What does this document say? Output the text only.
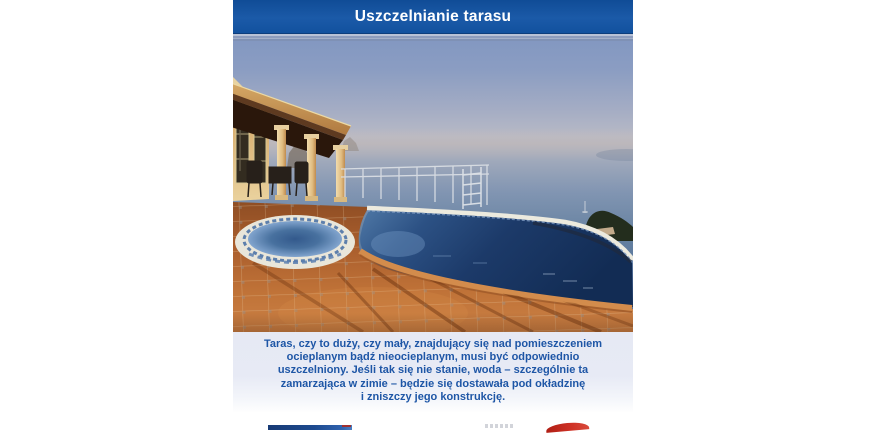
Uszczelnianie tarasu
Taras, czy to duży, czy mały, znajdujący się nad pomieszczeniem
ocieplanym bądź nieocieplanym, musi być odpowiednio
uszczelniony. Jeśli tak się nie stanie, woda – szczególnie ta
zamarzająca w zimie – będzie się dostawała pod okładzinę
i zniszczy jego konstrukcję.
